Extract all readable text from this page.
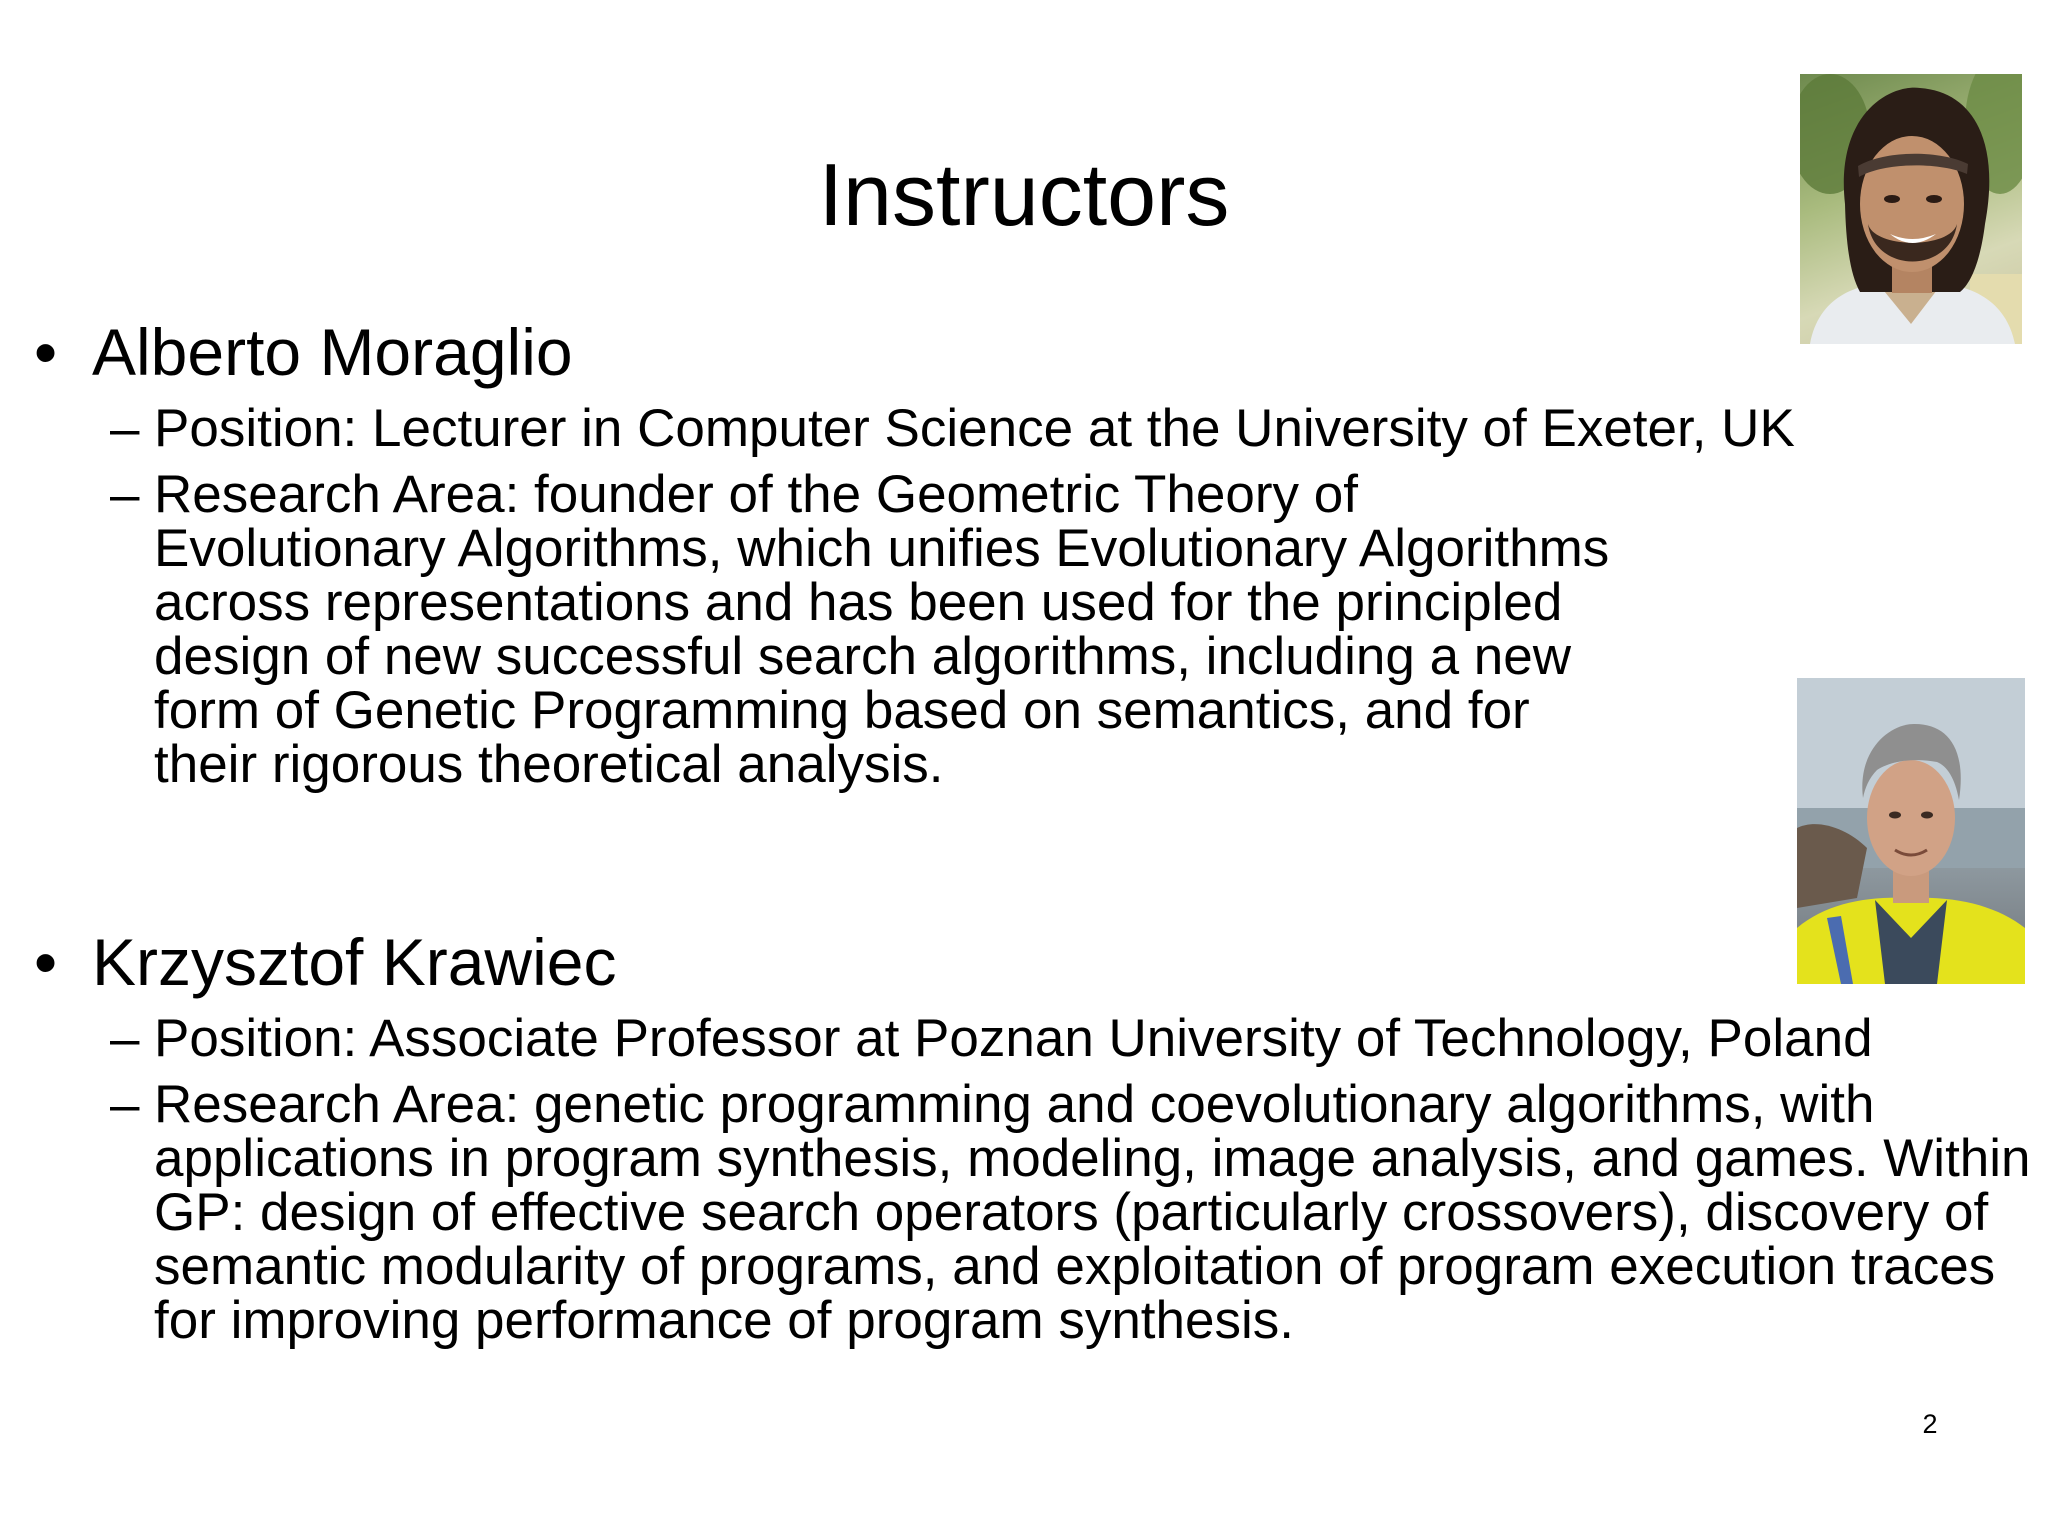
Instructors
• Alberto Moraglio
– Position: Lecturer in Computer Science at the University of Exeter, UK
– Research Area: founder of the Geometric Theory of Evolutionary Algorithms, which unifies Evolutionary Algorithms across representations and has been used for the principled design of new successful search algorithms, including a new form of Genetic Programming based on semantics, and for their rigorous theoretical analysis.
• Krzysztof Krawiec
– Position: Associate Professor at Poznan University of Technology, Poland
– Research Area: genetic programming and coevolutionary algorithms, with applications in program synthesis, modeling, image analysis, and games. Within GP: design of effective search operators (particularly crossovers), discovery of semantic modularity of programs, and exploitation of program execution traces for improving performance of program synthesis.
2
